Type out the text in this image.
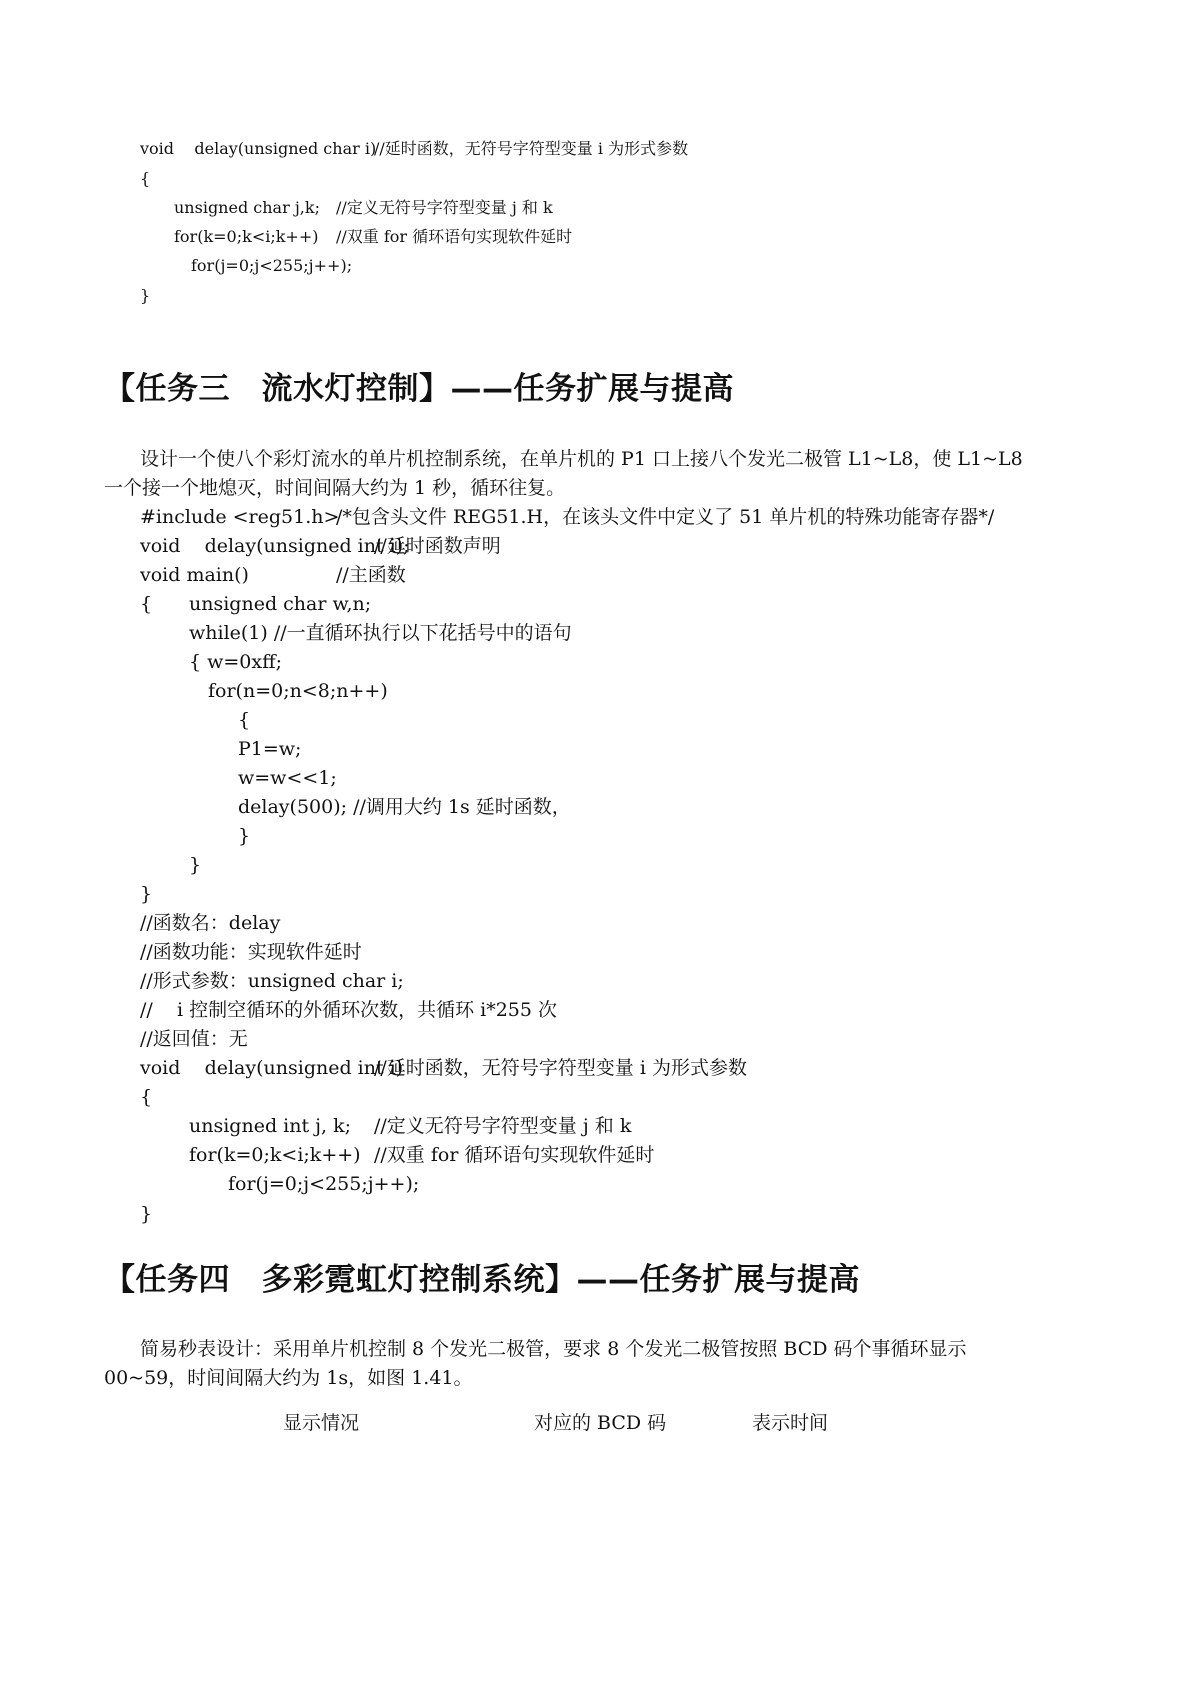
void    delay(unsigned char i)
//延时函数，无符号字符型变量 i 为形式参数
{
unsigned char j,k; //定义无符号字符型变量 j 和 k
for(k=0;k<i;k++) //双重 for 循环语句实现软件延时
for(j=0;j<255;j++);
}
【任务三　流水灯控制】——任务扩展与提高
设计一个使八个彩灯流水的单片机控制系统，在单片机的 P1 口上接八个发光二极管 L1~L8，使 L1~L8
一个接一个地熄灭，时间间隔大约为 1 秒，循环往复。
#include <reg51.h>
/*包含头文件 REG51.H，在该头文件中定义了 51 单片机的特殊功能寄存器*/
void    delay(unsigned int i);
//延时函数声明
void main()	//主函数
{ unsigned char w,n;
while(1) //一直循环执行以下花括号中的语句
{ w=0xff;
for(n=0;n<8;n++)
{
P1=w;
w=w<<1;
delay(500); //调用大约 1s 延时函数，
}
}
}
//函数名：delay
//函数功能：实现软件延时
//形式参数：unsigned char i;
//    i 控制空循环的外循环次数，共循环 i*255 次
//返回值：无
void    delay(unsigned int i)
//延时函数，无符号字符型变量 i 为形式参数
{
unsigned int j, k; //定义无符号字符型变量 j 和 k
for(k=0;k<i;k++) //双重 for 循环语句实现软件延时
for(j=0;j<255;j++);
}
【任务四　多彩霓虹灯控制系统】——任务扩展与提高
简易秒表设计：采用单片机控制 8 个发光二极管，要求 8 个发光二极管按照 BCD 码个事循环显示
00~59，时间间隔大约为 1s，如图 1.41。
显示情况	对应的 BCD 码	表示时间
